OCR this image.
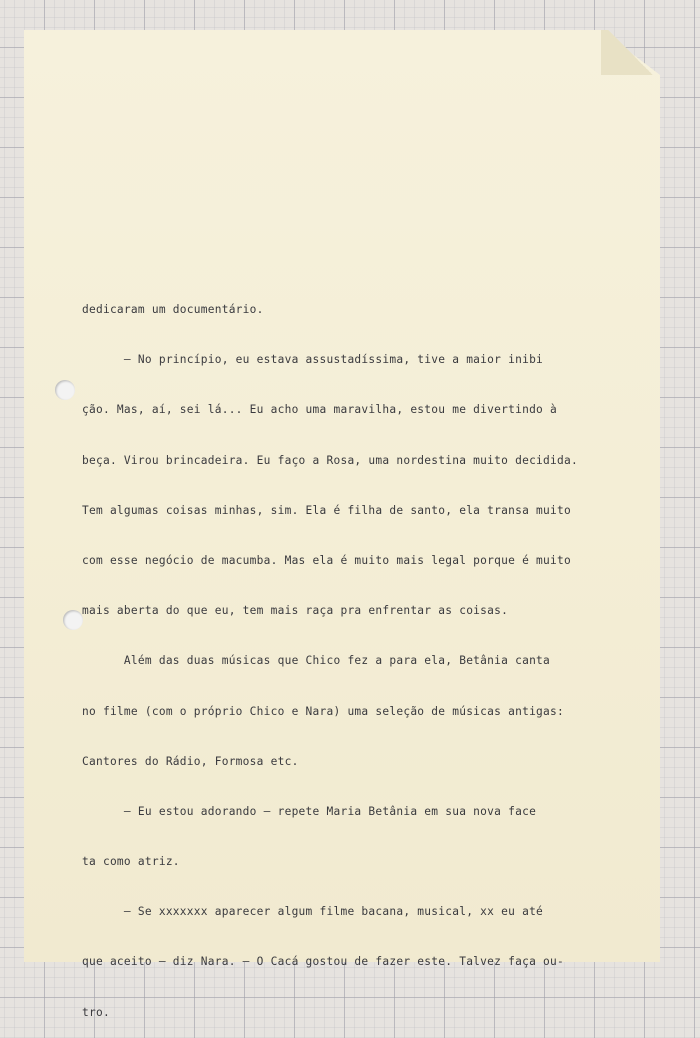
dedicaram um documentário.

— No princípio, eu estava assustadíssima, tive a maior inibi

ção. Mas, aí, sei lá... Eu acho uma maravilha, estou me divertindo à

beça. Virou brincadeira. Eu faço a Rosa, uma nordestina muito decidida.

Tem algumas coisas minhas, sim. Ela é filha de santo, ela transa muito

com esse negócio de macumba. Mas ela é muito mais legal porque é muito

mais aberta do que eu, tem mais raça pra enfrentar as coisas.

Além das duas músicas que Chico fez a para ela, Betânia canta

no filme (com o próprio Chico e Nara) uma seleção de músicas antigas:

Cantores do Rádio, Formosa etc.

— Eu estou adorando — repete Maria Betânia em sua nova face

ta como atriz.

— Se xxxxxxx aparecer algum filme bacana, musical, xx eu até

que aceito — diz Nara. — O Cacá gostou de fazer este. Talvez faça ou-

tro.
